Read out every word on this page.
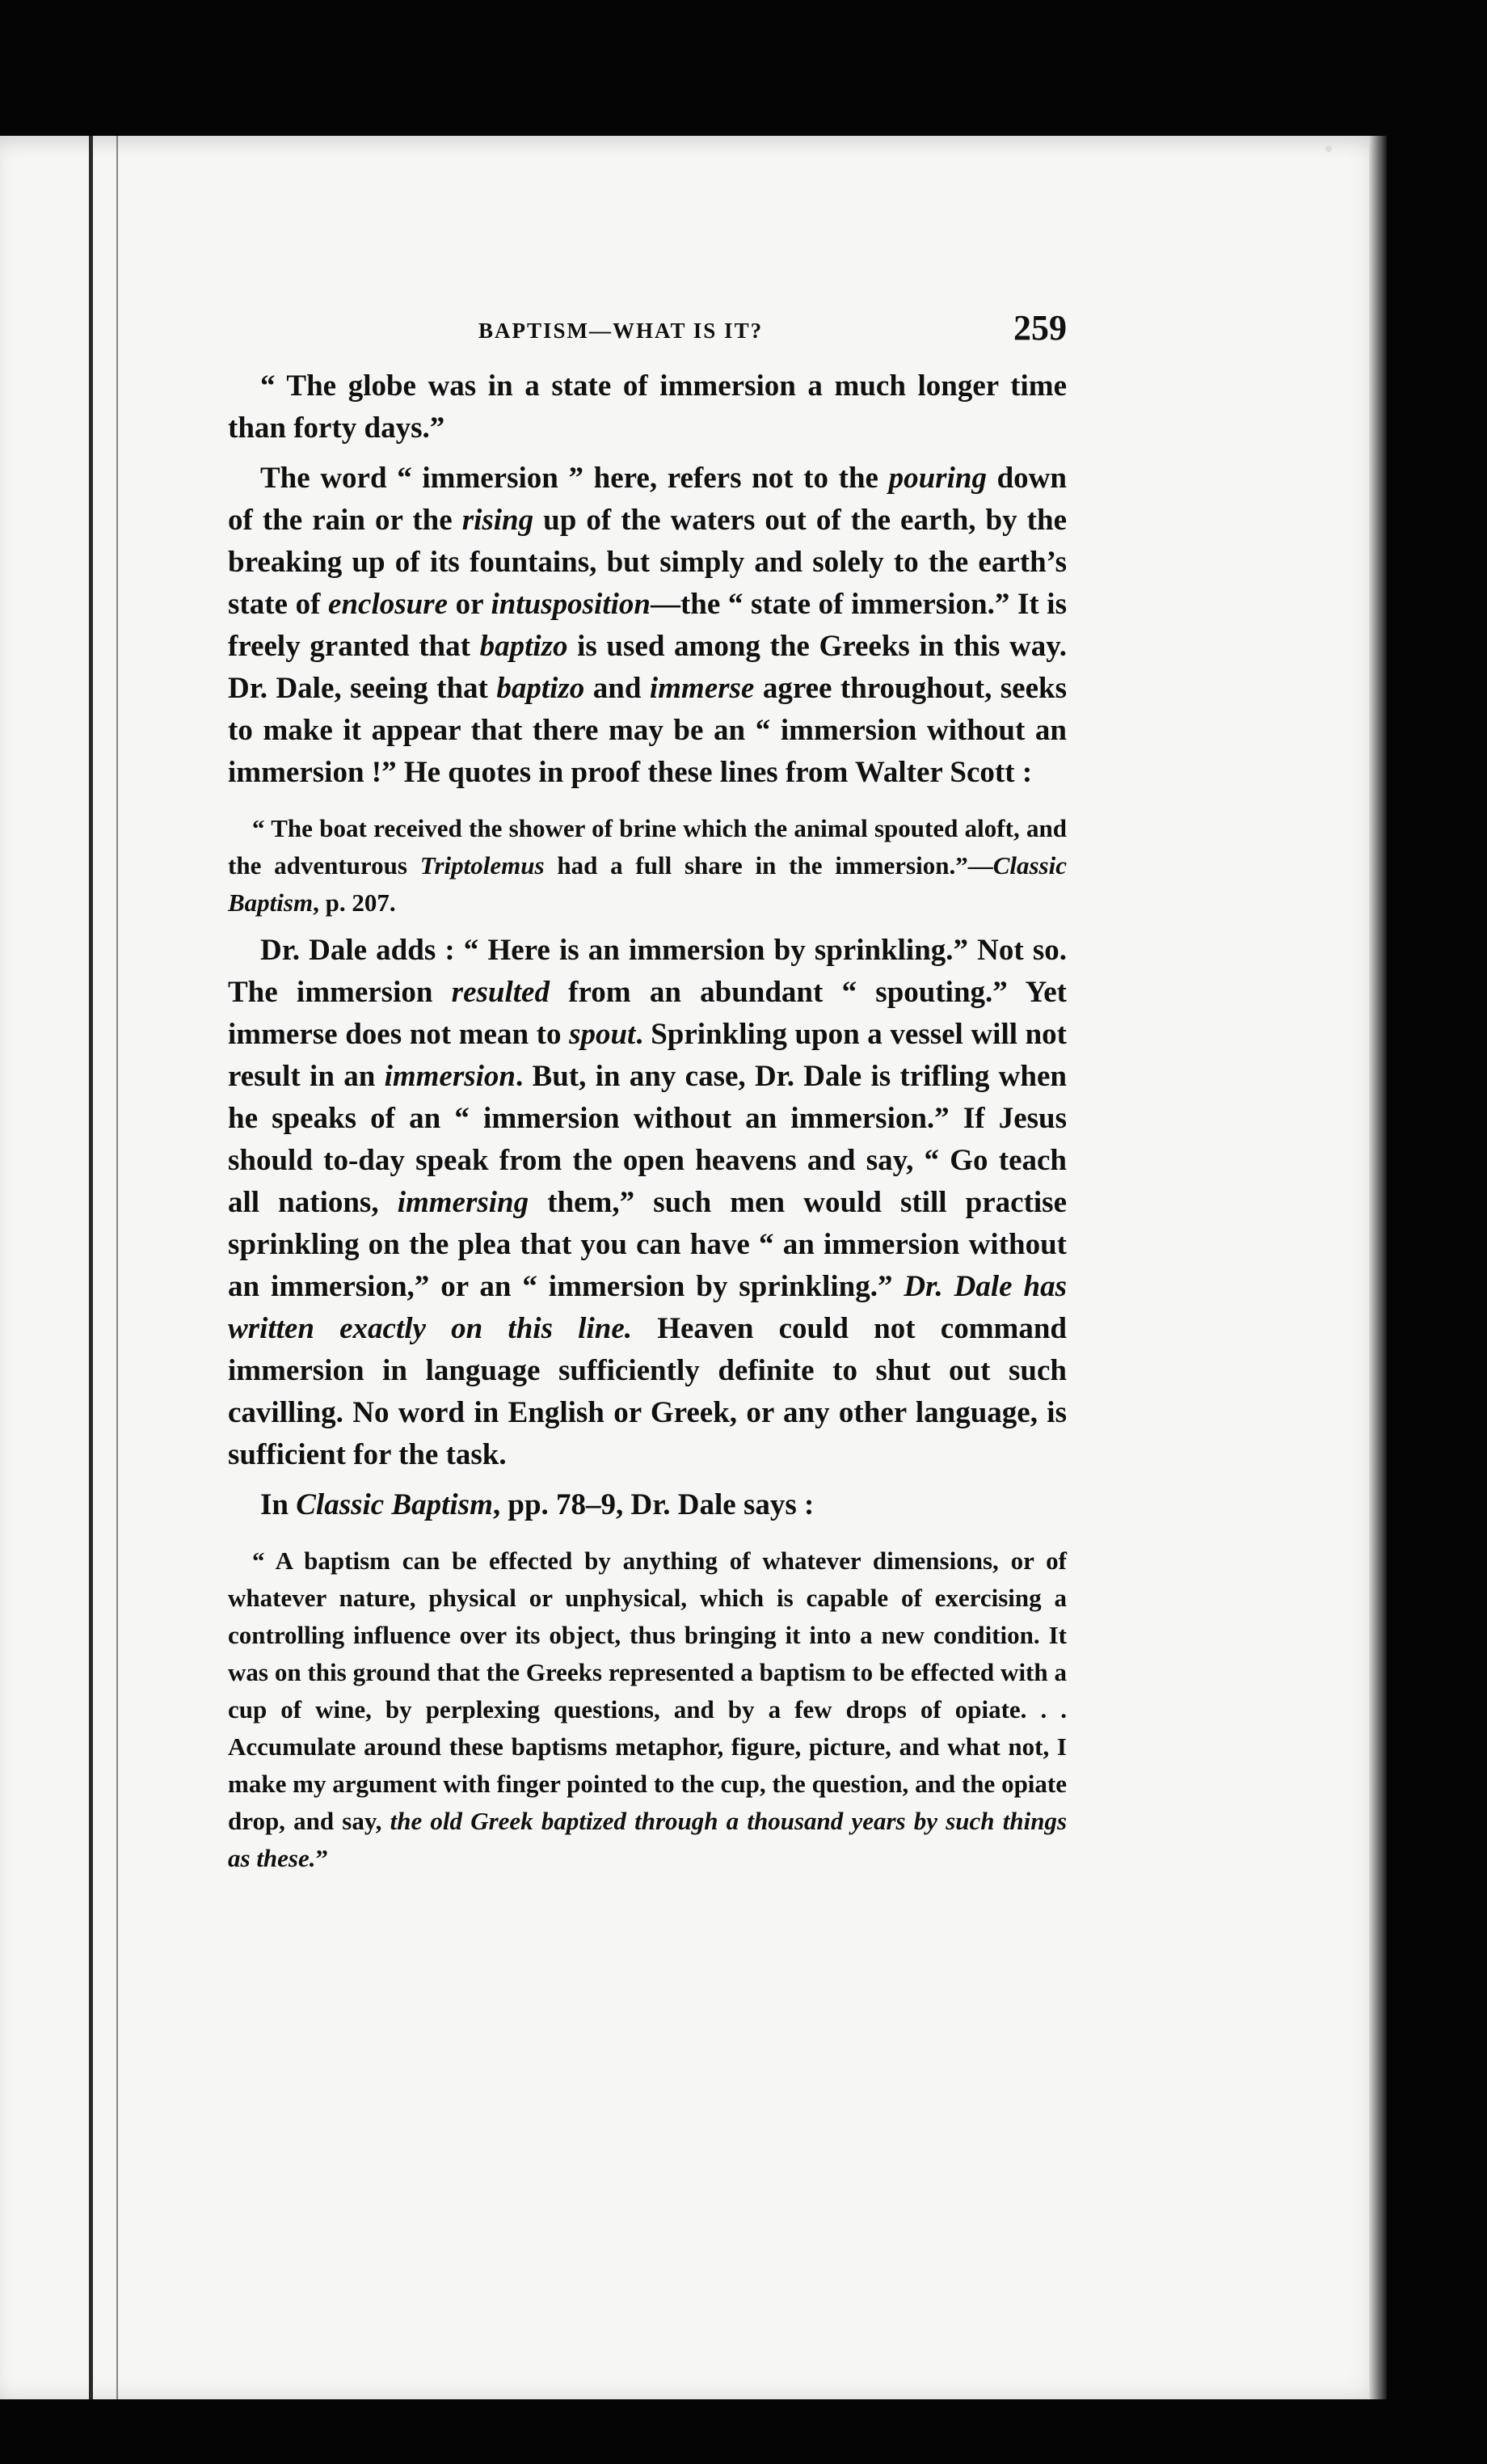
BAPTISM—WHAT IS IT?	259

“ The globe was in a state of immersion a much longer time than forty days.”

The word “ immersion ” here, refers not to the pouring down of the rain or the rising up of the waters out of the earth, by the breaking up of its fountains, but simply and solely to the earth’s state of enclosure or intusposition—the “ state of immersion.” It is freely granted that baptizo is used among the Greeks in this way. Dr. Dale, seeing that baptizo and immerse agree throughout, seeks to make it appear that there may be an “ immersion without an immersion !” He quotes in proof these lines from Walter Scott :

“ The boat received the shower of brine which the animal spouted aloft, and the adventurous Triptolemus had a full share in the immersion.”—Classic Baptism, p. 207.

Dr. Dale adds : “ Here is an immersion by sprinkling.” Not so. The immersion resulted from an abundant “ spouting.” Yet immerse does not mean to spout. Sprinkling upon a vessel will not result in an immersion. But, in any case, Dr. Dale is trifling when he speaks of an “ immersion without an immersion.” If Jesus should to-day speak from the open heavens and say, “ Go teach all nations, immersing them,” such men would still practise sprinkling on the plea that you can have “ an immersion without an immersion,” or an “ immersion by sprinkling.” Dr. Dale has written exactly on this line. Heaven could not command immersion in language sufficiently definite to shut out such cavilling. No word in English or Greek, or any other language, is sufficient for the task.

In Classic Baptism, pp. 78–9, Dr. Dale says :

“ A baptism can be effected by anything of whatever dimensions, or of whatever nature, physical or unphysical, which is capable of exercising a controlling influence over its object, thus bringing it into a new condition. It was on this ground that the Greeks represented a baptism to be effected with a cup of wine, by perplexing questions, and by a few drops of opiate. . . Accumulate around these baptisms metaphor, figure, picture, and what not, I make my argument with finger pointed to the cup, the question, and the opiate drop, and say, the old Greek baptized through a thousand years by such things as these.”
